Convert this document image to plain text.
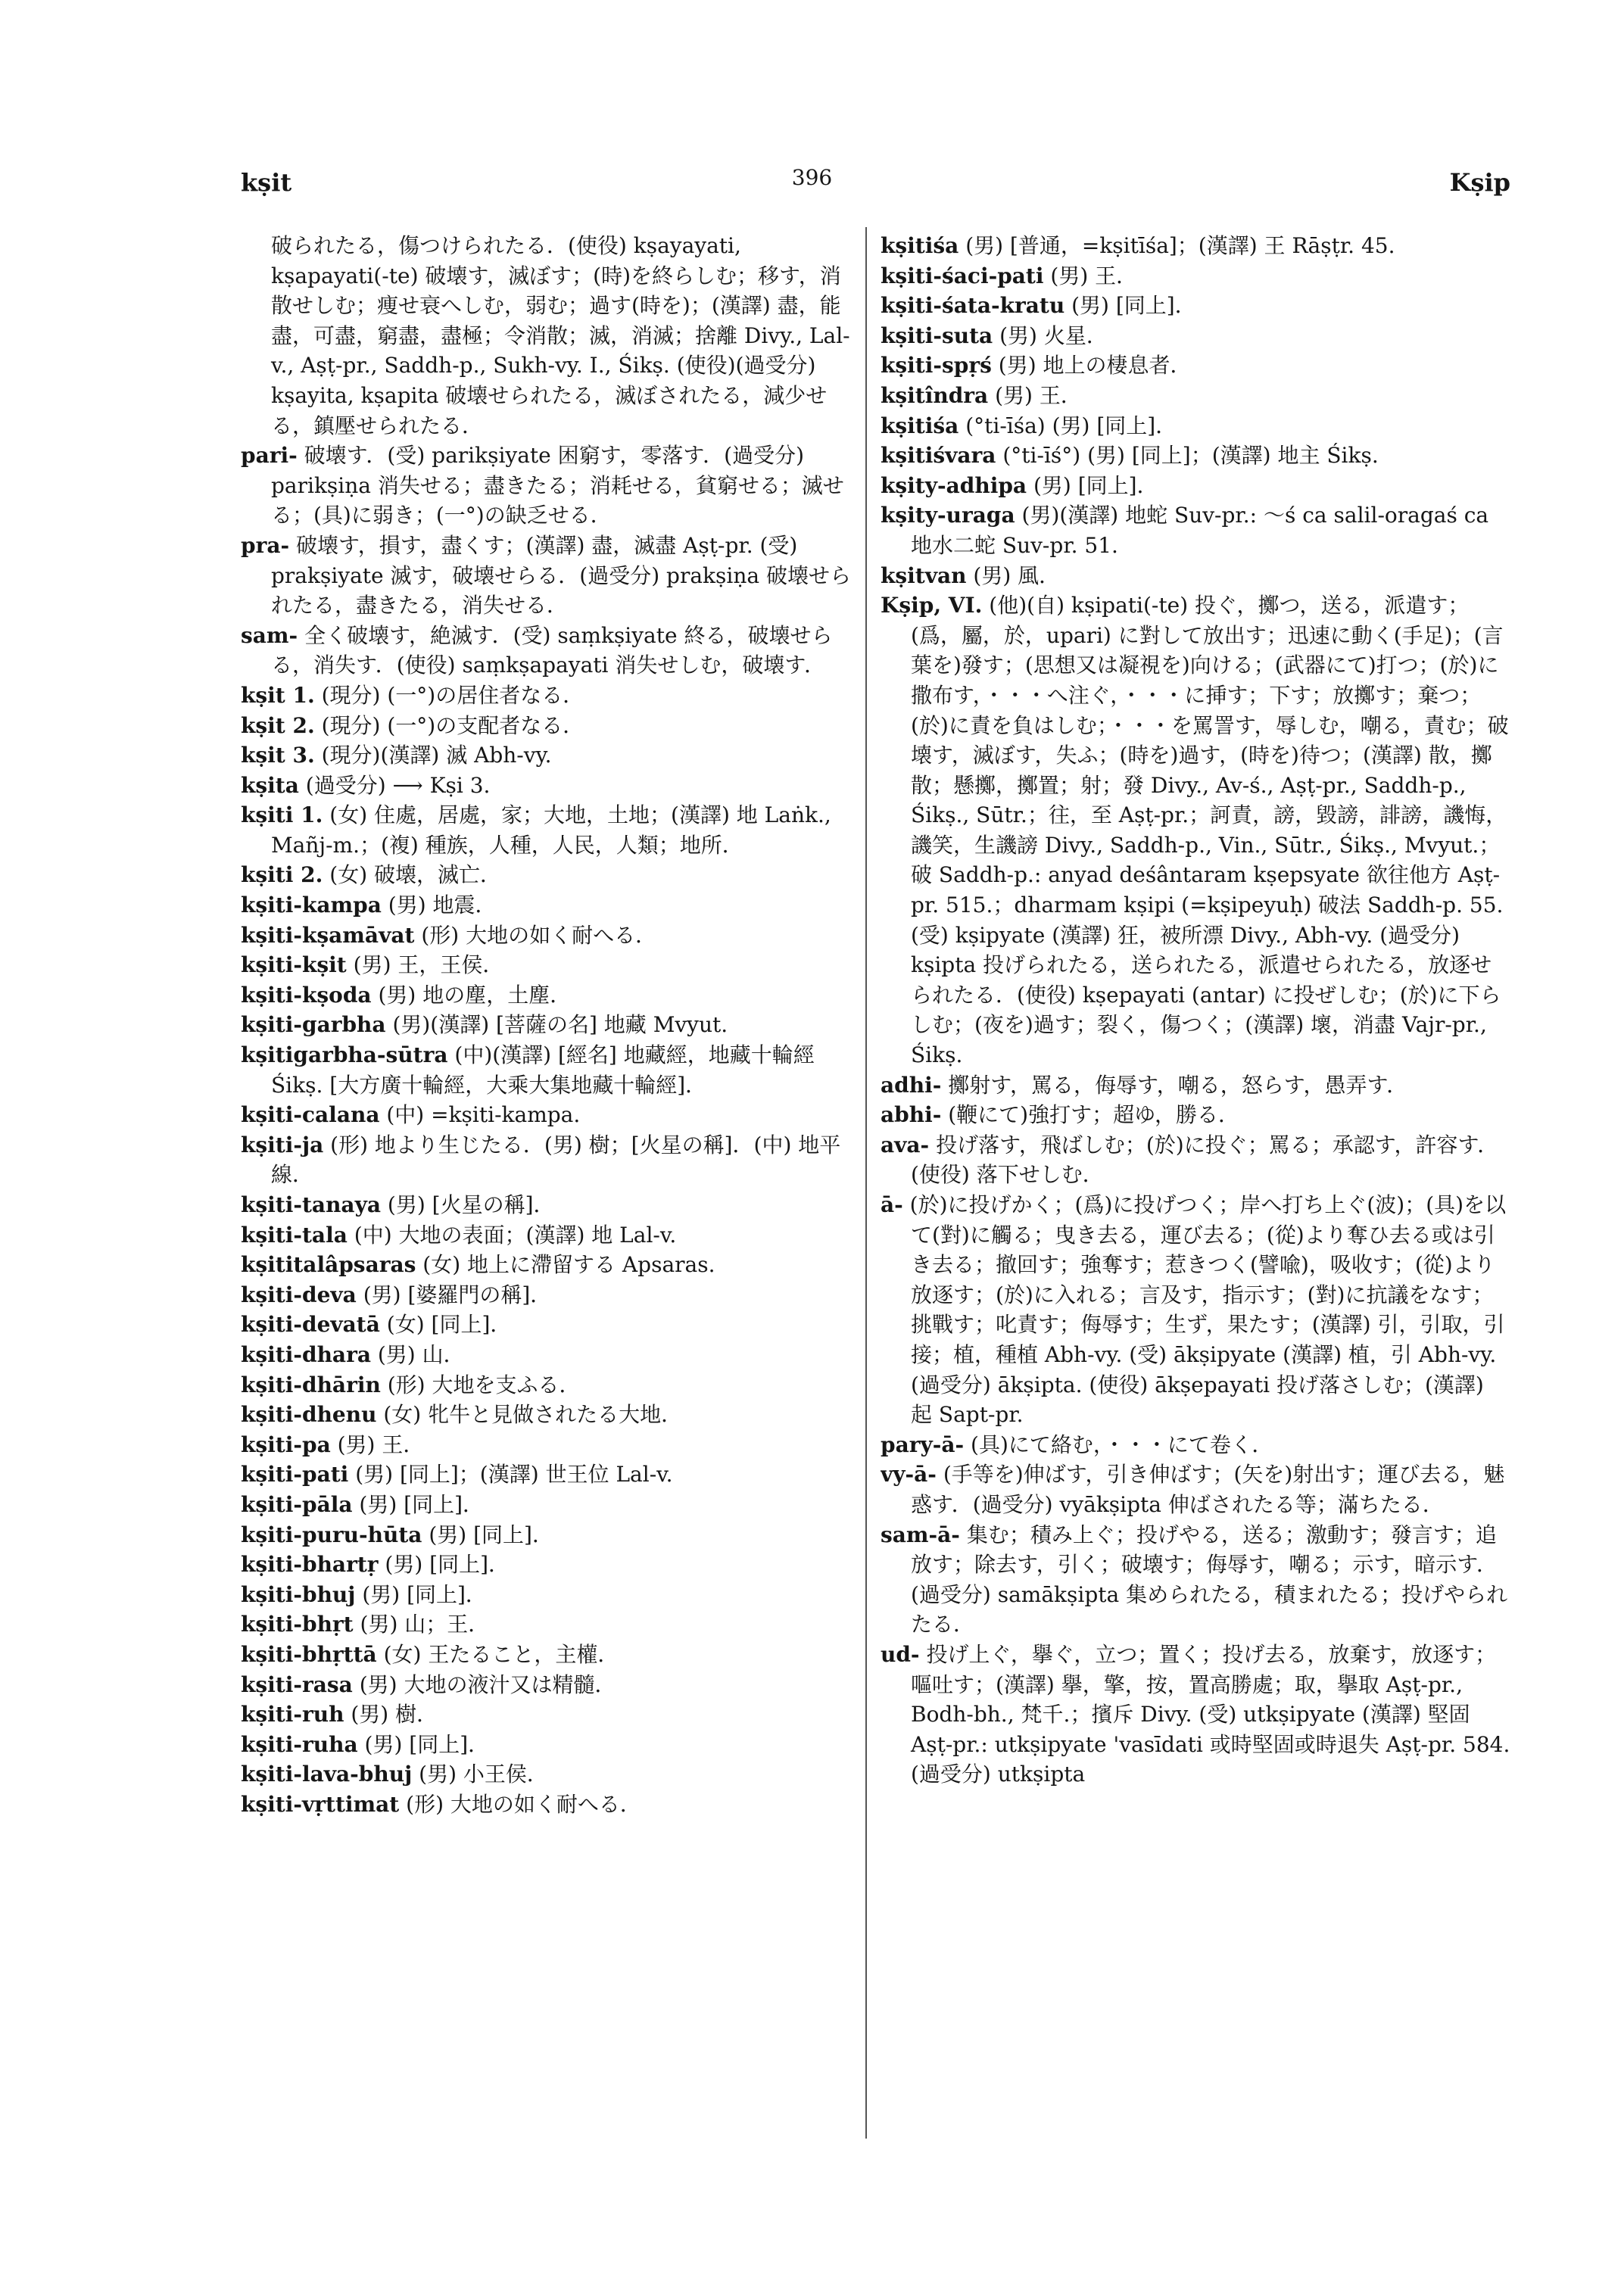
kṣit	396	Kṣip

破られたる，傷つけられたる．(使役) kṣayayati, kṣapayati(-te) 破壊す，滅ぼす；(時)を終らしむ；移す，消散せしむ；痩せ衰へしむ，弱む；過す(時を)；(漢譯) 盡，能盡，可盡，窮盡，盡極；令消散；滅，消滅；捨離 Divy., Lal-v., Aṣṭ-pr., Saddh-p., Sukh-vy. I., Śikṣ. (使役)(過受分) kṣayita, kṣapita 破壊せられたる，滅ぼされたる，減少せる，鎮壓せられたる．

pari- 破壊す．(受) parikṣiyate 困窮す，零落す．(過受分) parikṣiṇa 消失せる；盡きたる；消耗せる，貧窮せる；滅せる；(具)に弱き；(一°)の缺乏せる．

pra- 破壊す，損す，盡くす；(漢譯) 盡，滅盡 Aṣṭ-pr. (受) prakṣiyate 滅す，破壊せらる．(過受分) prakṣiṇa 破壊せられたる，盡きたる，消失せる．

sam- 全く破壊す，絶滅す．(受) saṃkṣiyate 終る，破壊せらる，消失す．(使役) saṃkṣapayati 消失せしむ，破壊す．

kṣit 1. (現分) (一°)の居住者なる．

kṣit 2. (現分) (一°)の支配者なる．

kṣit 3. (現分)(漢譯) 滅 Abh-vy.

kṣita (過受分) ⟶ Kṣi 3.

kṣiti 1. (女) 住處，居處，家；大地，土地；(漢譯) 地 Laṅk., Mañj-m.；(複) 種族，人種，人民，人類；地所．

kṣiti 2. (女) 破壊，滅亡．

kṣiti-kampa (男) 地震．

kṣiti-kṣamāvat (形) 大地の如く耐へる．

kṣiti-kṣit (男) 王，王侯．

kṣiti-kṣoda (男) 地の塵，土塵．

kṣiti-garbha (男)(漢譯) [菩薩の名] 地藏 Mvyut.

kṣitigarbha-sūtra (中)(漢譯) [經名] 地藏經，地藏十輪經 Śikṣ. [大方廣十輪經，大乘大集地藏十輪經]．

kṣiti-calana (中) =kṣiti-kampa.

kṣiti-ja (形) 地より生じたる．(男) 樹；[火星の稱]．(中) 地平線．

kṣiti-tanaya (男) [火星の稱]．

kṣiti-tala (中) 大地の表面；(漢譯) 地 Lal-v.

kṣititalâpsaras (女) 地上に滯留する Apsaras.

kṣiti-deva (男) [婆羅門の稱]．

kṣiti-devatā (女) [同上]．

kṣiti-dhara (男) 山．

kṣiti-dhārin (形) 大地を支ふる．

kṣiti-dhenu (女) 牝牛と見做されたる大地．

kṣiti-pa (男) 王．

kṣiti-pati (男) [同上]；(漢譯) 世王位 Lal-v.

kṣiti-pāla (男) [同上]．

kṣiti-puru-hūta (男) [同上]．

kṣiti-bhartṛ (男) [同上]．

kṣiti-bhuj (男) [同上]．

kṣiti-bhṛt (男) 山；王．

kṣiti-bhṛttā (女) 王たること，主權．

kṣiti-rasa (男) 大地の液汁又は精髓．

kṣiti-ruh (男) 樹．

kṣiti-ruha (男) [同上]．

kṣiti-lava-bhuj (男) 小王侯．

kṣiti-vṛttimat (形) 大地の如く耐へる．

kṣitiśa (男) [普通，=kṣitīśa]；(漢譯) 王 Rāṣṭr. 45.

kṣiti-śaci-pati (男) 王．

kṣiti-śata-kratu (男) [同上]．

kṣiti-suta (男) 火星．

kṣiti-spṛś (男) 地上の棲息者．

kṣitîndra (男) 王．

kṣitiśa (°ti-īśa) (男) [同上]．

kṣitiśvara (°ti-īś°) (男) [同上]；(漢譯) 地主 Śikṣ.

kṣity-adhipa (男) [同上]．

kṣity-uraga (男)(漢譯) 地蛇 Suv-pr.: ～ś ca salil-oragaś ca 地水二蛇 Suv-pr. 51.

kṣitvan (男) 風．

Kṣip, VI. (他)(自) kṣipati(-te) 投ぐ，擲つ，送る，派遣す；(爲，屬，於，upari) に對して放出す；迅速に動く(手足)；(言葉を)發す；(思想又は凝視を)向ける；(武器にて)打つ；(於)に撒布す，・・・へ注ぐ，・・・に挿す；下す；放擲す；棄つ；(於)に責を負はしむ；・・・を罵詈す，辱しむ，嘲る，責む；破壊す，滅ぼす，失ふ；(時を)過す，(時を)待つ；(漢譯) 散，擲散；懸擲，擲置；射；發 Divy., Av-ś., Aṣṭ-pr., Saddh-p., Śikṣ., Sūtr.；往，至 Aṣṭ-pr.；訶責，謗，毀謗，誹謗，譏悔，譏笑，生譏謗 Divy., Saddh-p., Vin., Sūtr., Śikṣ., Mvyut.；破 Saddh-p.: anyad deśântaram kṣepsyate 欲往他方 Aṣṭ-pr. 515.；dharmam kṣipi (=kṣipeyuḥ) 破法 Saddh-p. 55. (受) kṣipyate (漢譯) 狂，被所漂 Divy., Abh-vy. (過受分) kṣipta 投げられたる，送られたる，派遣せられたる，放逐せられたる．(使役) kṣepayati (antar) に投ぜしむ；(於)に下らしむ；(夜を)過す；裂く，傷つく；(漢譯) 壞，消盡 Vajr-pr., Śikṣ.

adhi- 擲射す，罵る，侮辱す，嘲る，怒らす，愚弄す．

abhi- (鞭にて)強打す；超ゆ，勝る．

ava- 投げ落す，飛ばしむ；(於)に投ぐ；罵る；承認す，許容す．(使役) 落下せしむ．

ā- (於)に投げかく；(爲)に投げつく；岸へ打ち上ぐ(波)；(具)を以て(對)に觸る；曳き去る，運び去る；(從)より奪ひ去る或は引き去る；撤回す；強奪す；惹きつく(譬喩)，吸收す；(從)より放逐す；(於)に入れる；言及す，指示す；(對)に抗議をなす；挑戰す；叱責す；侮辱す；生ず，果たす；(漢譯) 引，引取，引接；植，種植 Abh-vy. (受) ākṣipyate (漢譯) 植，引 Abh-vy. (過受分) ākṣipta. (使役) ākṣepayati 投げ落さしむ；(漢譯) 起 Sapt-pr.

pary-ā- (具)にて絡む，・・・にて卷く．

vy-ā- (手等を)伸ばす，引き伸ばす；(矢を)射出す；運び去る，魅惑す．(過受分) vyākṣipta 伸ばされたる等；滿ちたる．

sam-ā- 集む；積み上ぐ；投げやる，送る；激動す；發言す；追放す；除去す，引く；破壊す；侮辱す，嘲る；示す，暗示す．(過受分) samākṣipta 集められたる，積まれたる；投げやられたる．

ud- 投げ上ぐ，擧ぐ，立つ；置く；投げ去る，放棄す，放逐す；嘔吐す；(漢譯) 擧，擎，按，置高勝處；取，擧取 Aṣṭ-pr., Bodh-bh., 梵千.；擯斥 Divy. (受) utkṣipyate (漢譯) 堅固 Aṣṭ-pr.: utkṣipyate 'vasīdati 或時堅固或時退失 Aṣṭ-pr. 584. (過受分) utkṣipta
